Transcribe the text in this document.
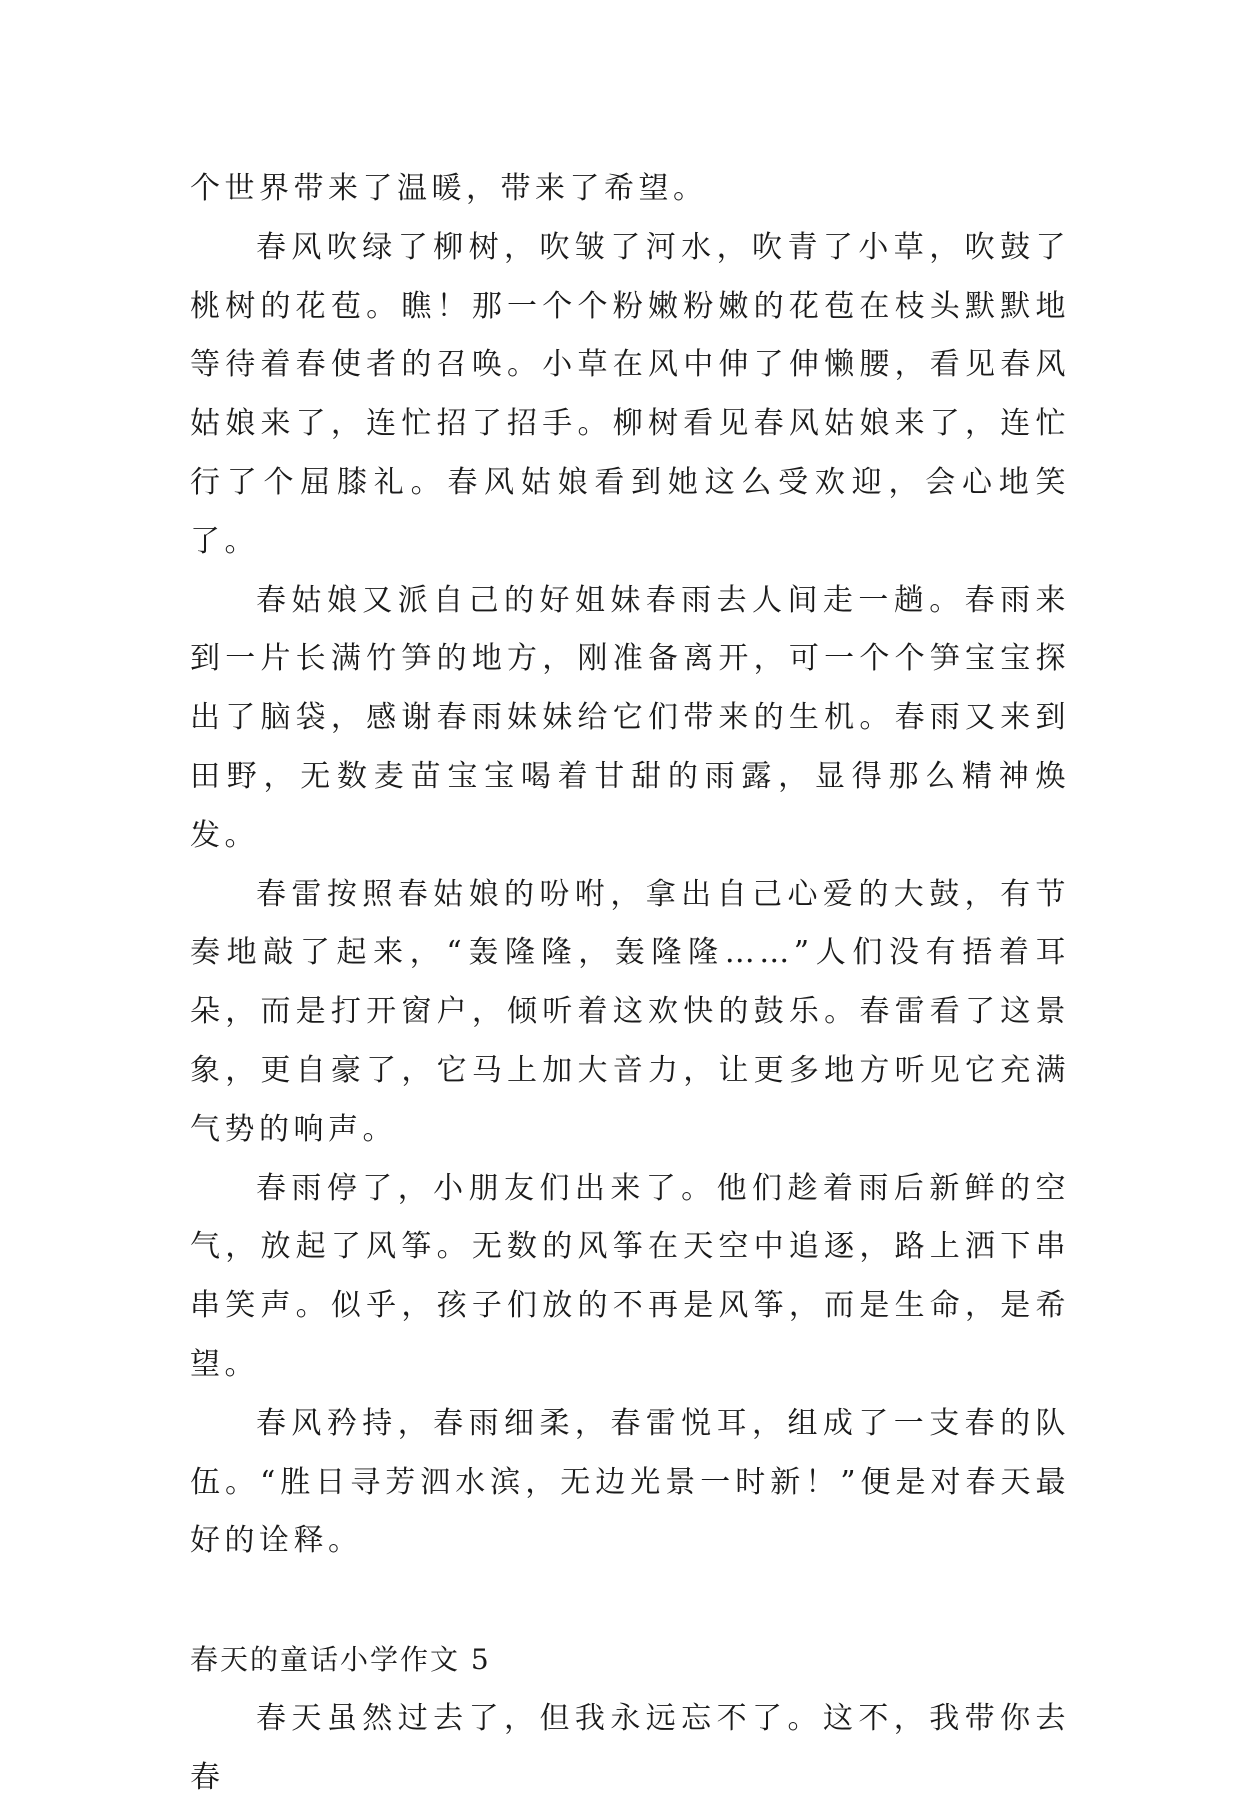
个世界带来了温暖，带来了希望。

春风吹绿了柳树，吹皱了河水，吹青了小草，吹鼓了桃树的花苞。瞧！那一个个粉嫩粉嫩的花苞在枝头默默地等待着春使者的召唤。小草在风中伸了伸懒腰，看见春风姑娘来了，连忙招了招手。柳树看见春风姑娘来了，连忙行了个屈膝礼。春风姑娘看到她这么受欢迎，会心地笑了。

春姑娘又派自己的好姐妹春雨去人间走一趟。春雨来到一片长满竹笋的地方，刚准备离开，可一个个笋宝宝探出了脑袋，感谢春雨妹妹给它们带来的生机。春雨又来到田野，无数麦苗宝宝喝着甘甜的雨露，显得那么精神焕发。

春雷按照春姑娘的吩咐，拿出自己心爱的大鼓，有节奏地敲了起来，“轰隆隆，轰隆隆……”人们没有捂着耳朵，而是打开窗户，倾听着这欢快的鼓乐。春雷看了这景象，更自豪了，它马上加大音力，让更多地方听见它充满气势的响声。

春雨停了，小朋友们出来了。他们趁着雨后新鲜的空气，放起了风筝。无数的风筝在天空中追逐，路上洒下串串笑声。似乎，孩子们放的不再是风筝，而是生命，是希望。

春风矜持，春雨细柔，春雷悦耳，组成了一支春的队伍。“胜日寻芳泗水滨，无边光景一时新！”便是对春天最好的诠释。

春天的童话小学作文 5

春天虽然过去了，但我永远忘不了。这不，我带你去春
